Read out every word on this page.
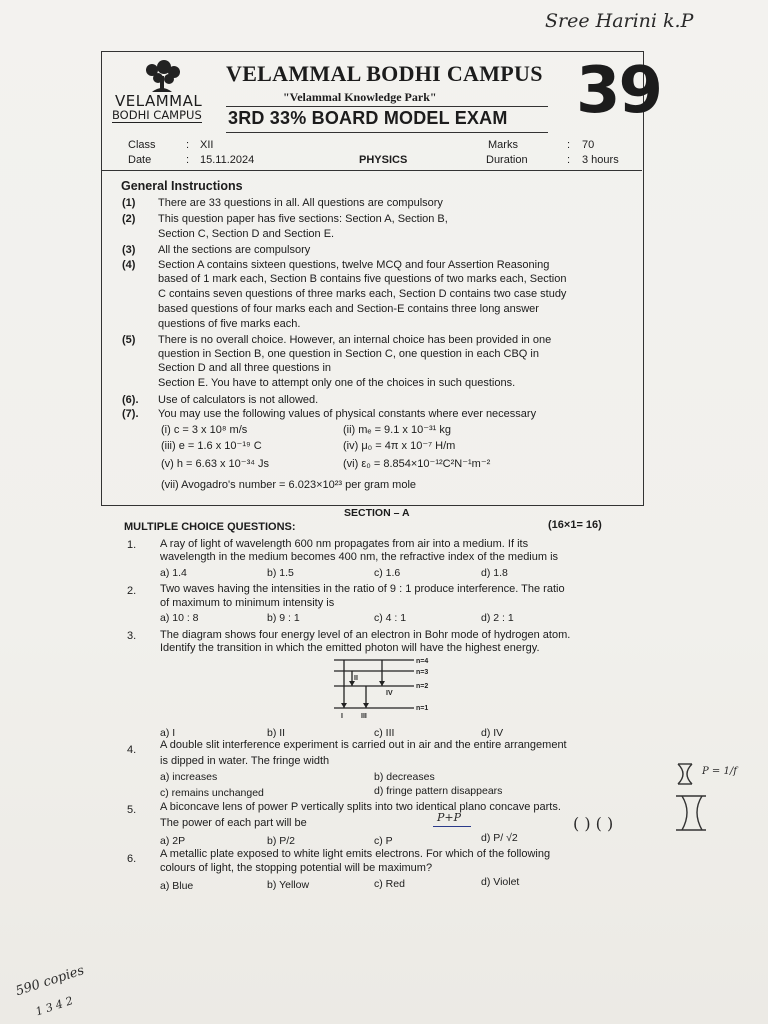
Sree Harini k.P
VELAMMAL
BODHI CAMPUS
VELAMMAL BODHI CAMPUS
"Velammal Knowledge Park"
3RD 33% BOARD MODEL EXAM 39
Class	: XII
Date	: 15.11.2024	PHYSICS
Marks	: 70
Duration	: 3 hours
General Instructions
(1) There are 33 questions in all. All questions are compulsory
(2) This question paper has five sections: Section A, Section B,
Section C, Section D and Section E.
(3) All the sections are compulsory
(4) Section A contains sixteen questions, twelve MCQ and four Assertion Reasoning
based of 1 mark each, Section B contains five questions of two marks each, Section
C contains seven questions of three marks each, Section D contains two case study
based questions of four marks each and Section-E contains three long answer
questions of five marks each.
(5) There is no overall choice. However, an internal choice has been provided in one
question in Section B, one question in Section C, one question in each CBQ in
Section D and all three questions in
Section E. You have to attempt only one of the choices in such questions.
(6). Use of calculators is not allowed.
(7). You may use the following values of physical constants where ever necessary
(i) c = 3 x 10⁸ m/s	(ii) mₑ = 9.1 x 10⁻³¹ kg
(iii) e = 1.6 x 10⁻¹⁹ C	(iv) μ₀ = 4π x 10⁻⁷ H/m
(v) h = 6.63 x 10⁻³⁴ Js	(vi) ε₀ = 8.854×10⁻¹²C²N⁻¹m⁻²
(vii) Avogadro's number = 6.023×10²³ per gram mole
SECTION – A
MULTIPLE CHOICE QUESTIONS:	(16×1= 16)
1. A ray of light of wavelength 600 nm propagates from air into a medium. If its
wavelength in the medium becomes 400 nm, the refractive index of the medium is
a) 1.4	b) 1.5	c) 1.6	d) 1.8
2. Two waves having the intensities in the ratio of 9 : 1 produce interference. The ratio
of maximum to minimum intensity is
a) 10 : 8	b) 9 : 1	c) 4 : 1	d) 2 : 1
3. The diagram shows four energy level of an electron in Bohr mode of hydrogen atom.
Identify the transition in which the emitted photon will have the highest energy.
n=4
n=3
n=2
n=1
II
IV
I	III
a) I	b) II	c) III	d) IV
4. A double slit interference experiment is carried out in air and the entire arrangement
is dipped in water. The fringe width
a) increases	b) decreases
c) remains unchanged	d) fringe pattern disappears
5. A biconcave lens of power P vertically splits into two identical plano concave parts.
The power of each part will be	P+P
a) 2P	b) P/2	c) P	d) P/ √2
( ) ( )
6. A metallic plate exposed to white light emits electrons. For which of the following
colours of light, the stopping potential will be maximum?
a) Blue	b) Yellow	c) Red	d) Violet
P = 1/f
590 copies
1 3 4 2
